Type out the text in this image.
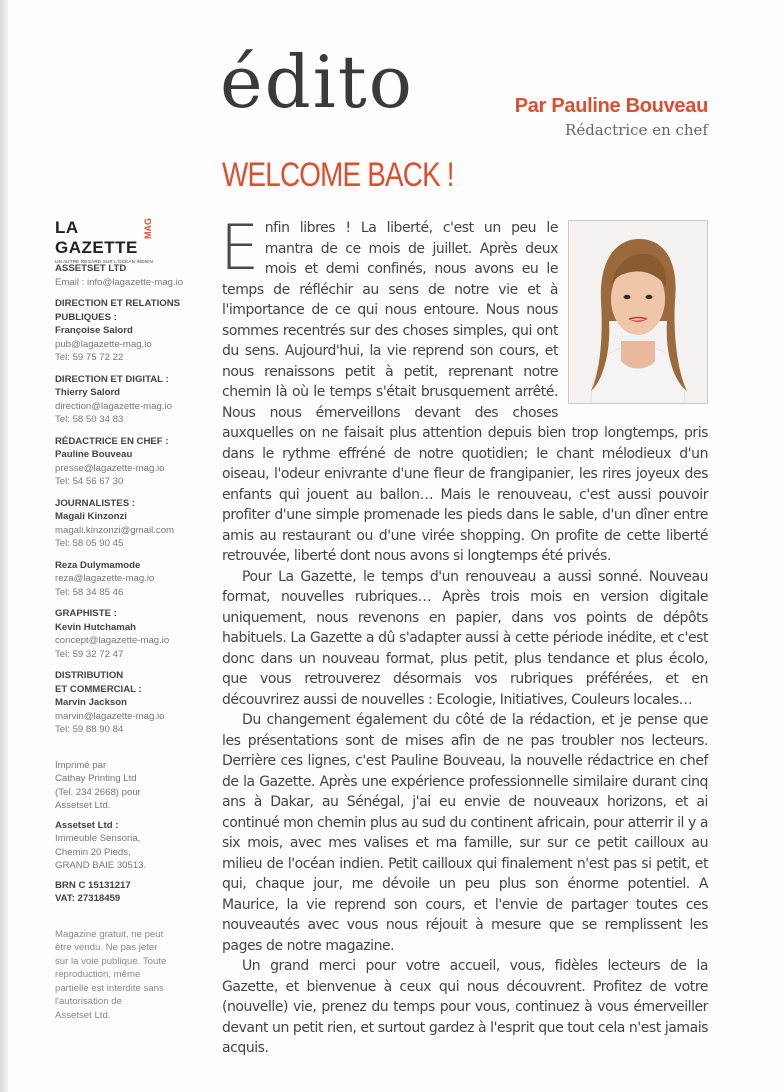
édito	Par Pauline Bouveau
Rédactrice en chef
WELCOME BACK !
LA GAZETTE
MAG
UN AUTRE REGARD SUR L'OCÉAN INDIEN
ASSETSET LTD
Email : info@lagazette-mag.io
DIRECTION ET RELATIONS
PUBLIQUES :
Françoise Salord
pub@lagazette-mag.io
Tel: 59 75 72 22
DIRECTION ET DIGITAL :
Thierry Salord
direction@lagazette-mag.io
Tel: 58 50 34 83
RÉDACTRICE EN CHEF :
Pauline Bouveau
presse@lagazette-mag.io
Tel: 54 56 67 30
JOURNALISTES :
Magali Kinzonzi
magali.kinzonzi@gmail.com
Tel: 58 05 90 45
Reza Dulymamode
reza@lagazette-mag.io
Tel: 58 34 85 46
GRAPHISTE :
Kevin Hutchamah
concept@lagazette-mag.io
Tel: 59 32 72 47
DISTRIBUTION
ET COMMERCIAL :
Marvin Jackson
marvin@lagazette-mag.io
Tel: 59 88 90 84
Imprimé par
Cathay Printing Ltd
(Tel. 234 2668) pour
Assetset Ltd.
Assetset Ltd :
Immeuble Sensoria,
Chemin 20 Pieds,
GRAND BAIE 30513.
BRN C 15131217
VAT: 27318459
Magazine gratuit, ne peut
être vendu. Ne pas jeter
sur la voie publique. Toute
reproduction, même
partielle est interdite sans
l'autorisation de
Assetset Ltd.

Enfin libres ! La liberté, c'est un peu le mantra de ce mois de juillet. Après deux mois et demi confinés, nous avons eu le temps de réfléchir au sens de notre vie et à l'importance de ce qui nous entoure. Nous nous sommes recentrés sur des choses simples, qui ont du sens. Aujourd'hui, la vie reprend son cours, et nous renaissons petit à petit, reprenant notre chemin là où le temps s'était brusquement arrêté. Nous nous émerveillons devant des choses auxquelles on ne faisait plus attention depuis bien trop longtemps, pris dans le rythme effréné de notre quotidien; le chant mélodieux d'un oiseau, l'odeur enivrante d'une fleur de frangipanier, les rires joyeux des enfants qui jouent au ballon… Mais le renouveau, c'est aussi pouvoir profiter d'une simple promenade les pieds dans le sable, d'un dîner entre amis au restaurant ou d'une virée shopping. On profite de cette liberté retrouvée, liberté dont nous avons si longtemps été privés.

Pour La Gazette, le temps d'un renouveau a aussi sonné. Nouveau format, nouvelles rubriques… Après trois mois en version digitale uniquement, nous revenons en papier, dans vos points de dépôts habituels. La Gazette a dû s'adapter aussi à cette période inédite, et c'est donc dans un nouveau format, plus petit, plus tendance et plus écolo, que vous retrouverez désormais vos rubriques préférées, et en découvrirez aussi de nouvelles : Ecologie, Initiatives, Couleurs locales…

Du changement également du côté de la rédaction, et je pense que les présentations sont de mises afin de ne pas troubler nos lecteurs. Derrière ces lignes, c'est Pauline Bouveau, la nouvelle rédactrice en chef de la Gazette. Après une expérience professionnelle similaire durant cinq ans à Dakar, au Sénégal, j'ai eu envie de nouveaux horizons, et ai continué mon chemin plus au sud du continent africain, pour atterrir il y a six mois, avec mes valises et ma famille, sur sur ce petit cailloux au milieu de l'océan indien. Petit cailloux qui finalement n'est pas si petit, et qui, chaque jour, me dévoile un peu plus son énorme potentiel. A Maurice, la vie reprend son cours, et l'envie de partager toutes ces nouveautés avec vous nous réjouit à mesure que se remplissent les pages de notre magazine.

Un grand merci pour votre accueil, vous, fidèles lecteurs de la Gazette, et bienvenue à ceux qui nous découvrent. Profitez de votre (nouvelle) vie, prenez du temps pour vous, continuez à vous émerveiller devant un petit rien, et surtout gardez à l'esprit que tout cela n'est jamais acquis.
